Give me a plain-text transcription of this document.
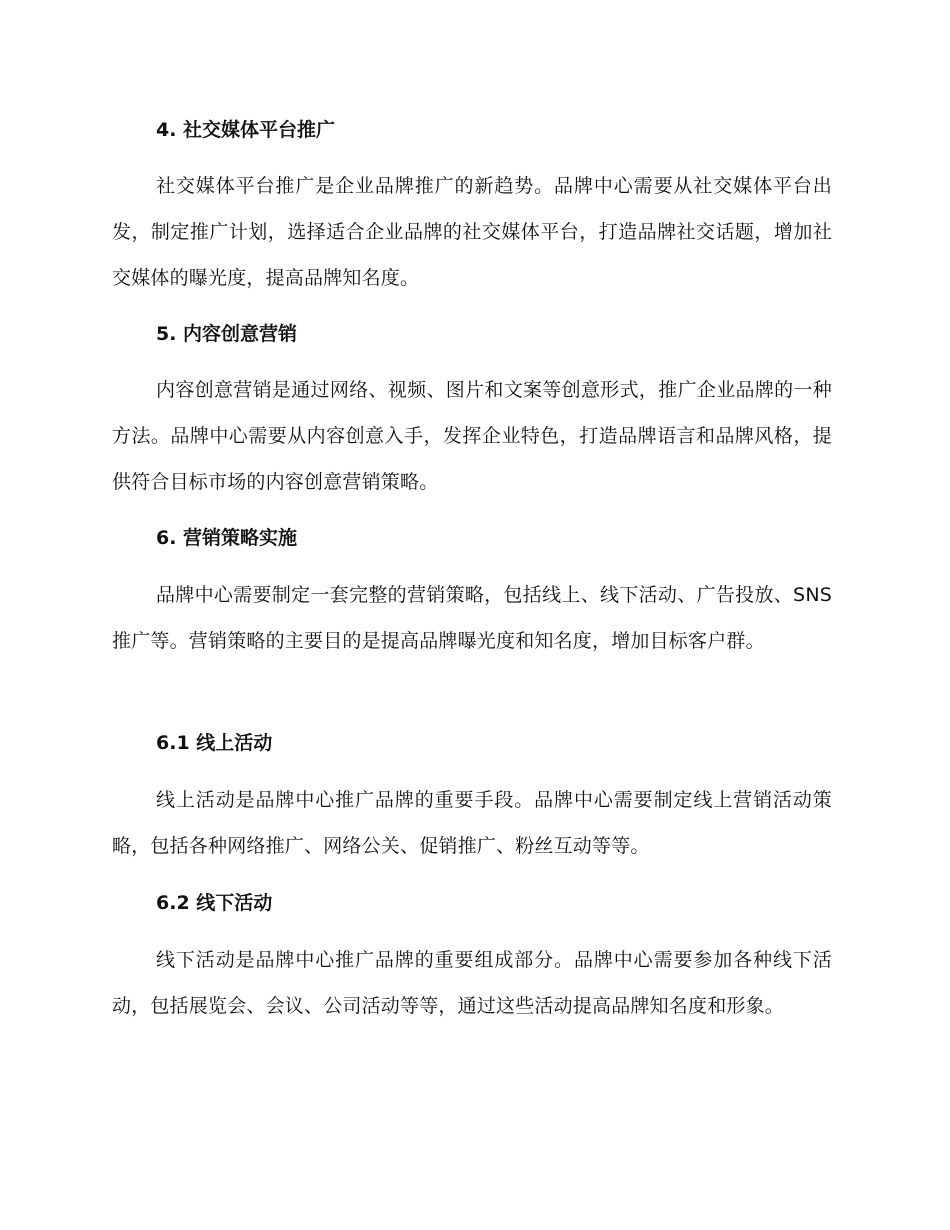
4. 社交媒体平台推广
社交媒体平台推广是企业品牌推广的新趋势。品牌中心需要从社交媒体平台出发，制定推广计划，选择适合企业品牌的社交媒体平台，打造品牌社交话题，增加社交媒体的曝光度，提高品牌知名度。
5. 内容创意营销
内容创意营销是通过网络、视频、图片和文案等创意形式，推广企业品牌的一种方法。品牌中心需要从内容创意入手，发挥企业特色，打造品牌语言和品牌风格，提供符合目标市场的内容创意营销策略。
6. 营销策略实施
品牌中心需要制定一套完整的营销策略，包括线上、线下活动、广告投放、SNS 推广等。营销策略的主要目的是提高品牌曝光度和知名度，增加目标客户群。
6.1 线上活动
线上活动是品牌中心推广品牌的重要手段。品牌中心需要制定线上营销活动策略，包括各种网络推广、网络公关、促销推广、粉丝互动等等。
6.2 线下活动
线下活动是品牌中心推广品牌的重要组成部分。品牌中心需要参加各种线下活动，包括展览会、会议、公司活动等等，通过这些活动提高品牌知名度和形象。
